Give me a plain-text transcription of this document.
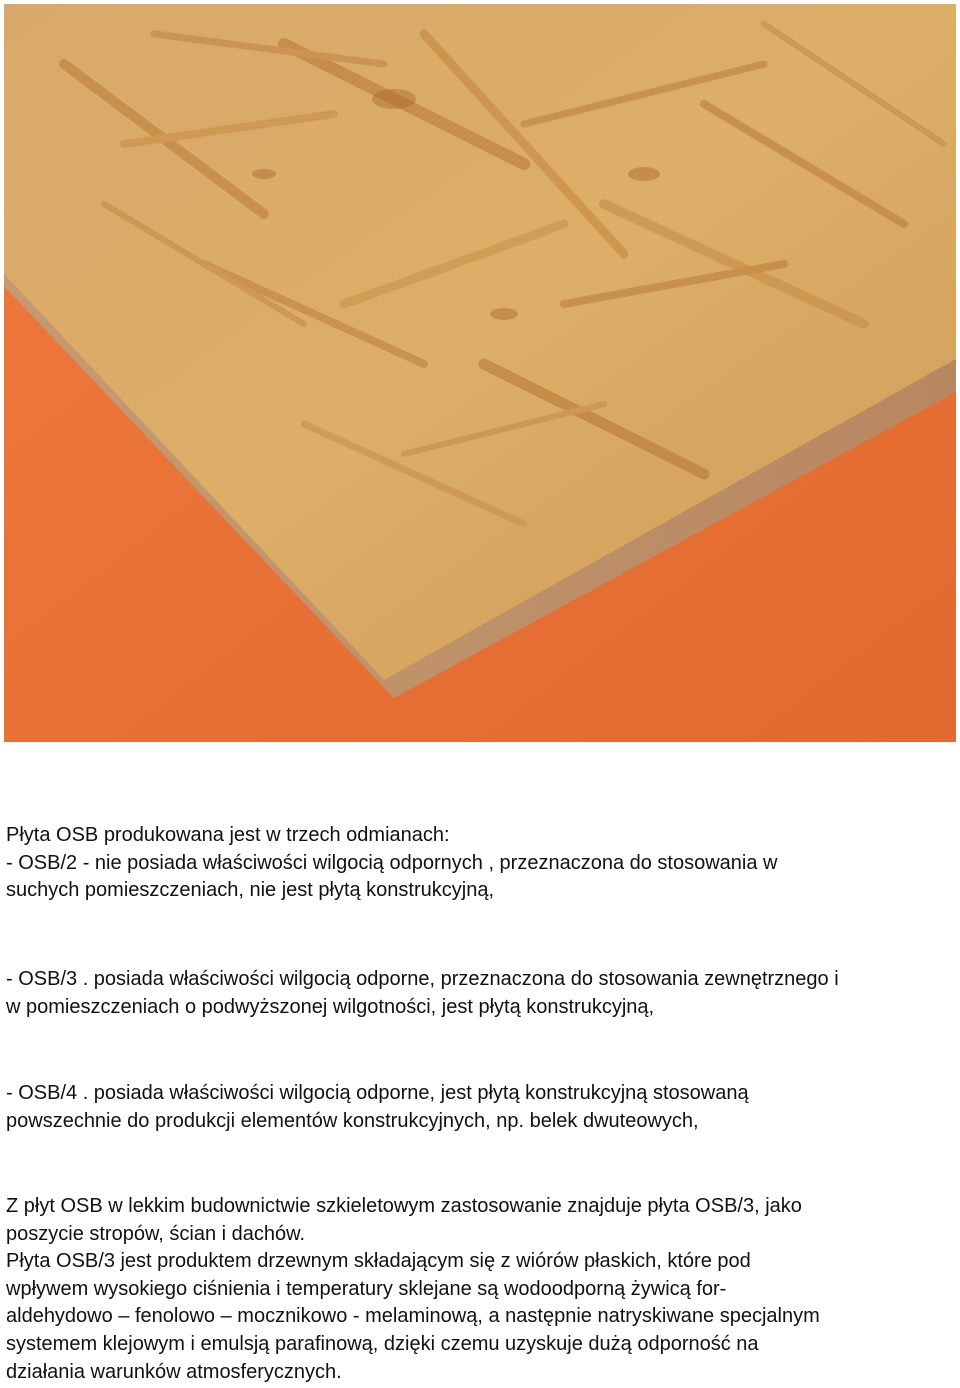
Płyta OSB produkowana jest w trzech odmianach:
- OSB/2 - nie posiada właściwości wilgocią odpornych , przeznaczona do stosowania w
suchych pomieszczeniach, nie jest płytą konstrukcyjną,
- OSB/3 . posiada właściwości wilgocią odporne, przeznaczona do stosowania zewnętrznego i
w pomieszczeniach o podwyższonej wilgotności, jest płytą konstrukcyjną,
- OSB/4 . posiada właściwości wilgocią odporne, jest płytą konstrukcyjną stosowaną
powszechnie do produkcji elementów konstrukcyjnych, np. belek dwuteowych,
Z płyt OSB w lekkim budownictwie szkieletowym zastosowanie znajduje płyta OSB/3, jako
poszycie stropów, ścian i dachów.
Płyta OSB/3 jest produktem drzewnym składającym się z wiórów płaskich, które pod
wpływem wysokiego ciśnienia i temperatury sklejane są wodoodporną żywicą for-
aldehydowo – fenolowo – mocznikowo - melaminową, a następnie natryskiwane specjalnym
systemem klejowym i emulsją parafinową, dzięki czemu uzyskuje dużą odporność na
działania warunków atmosferycznych.
